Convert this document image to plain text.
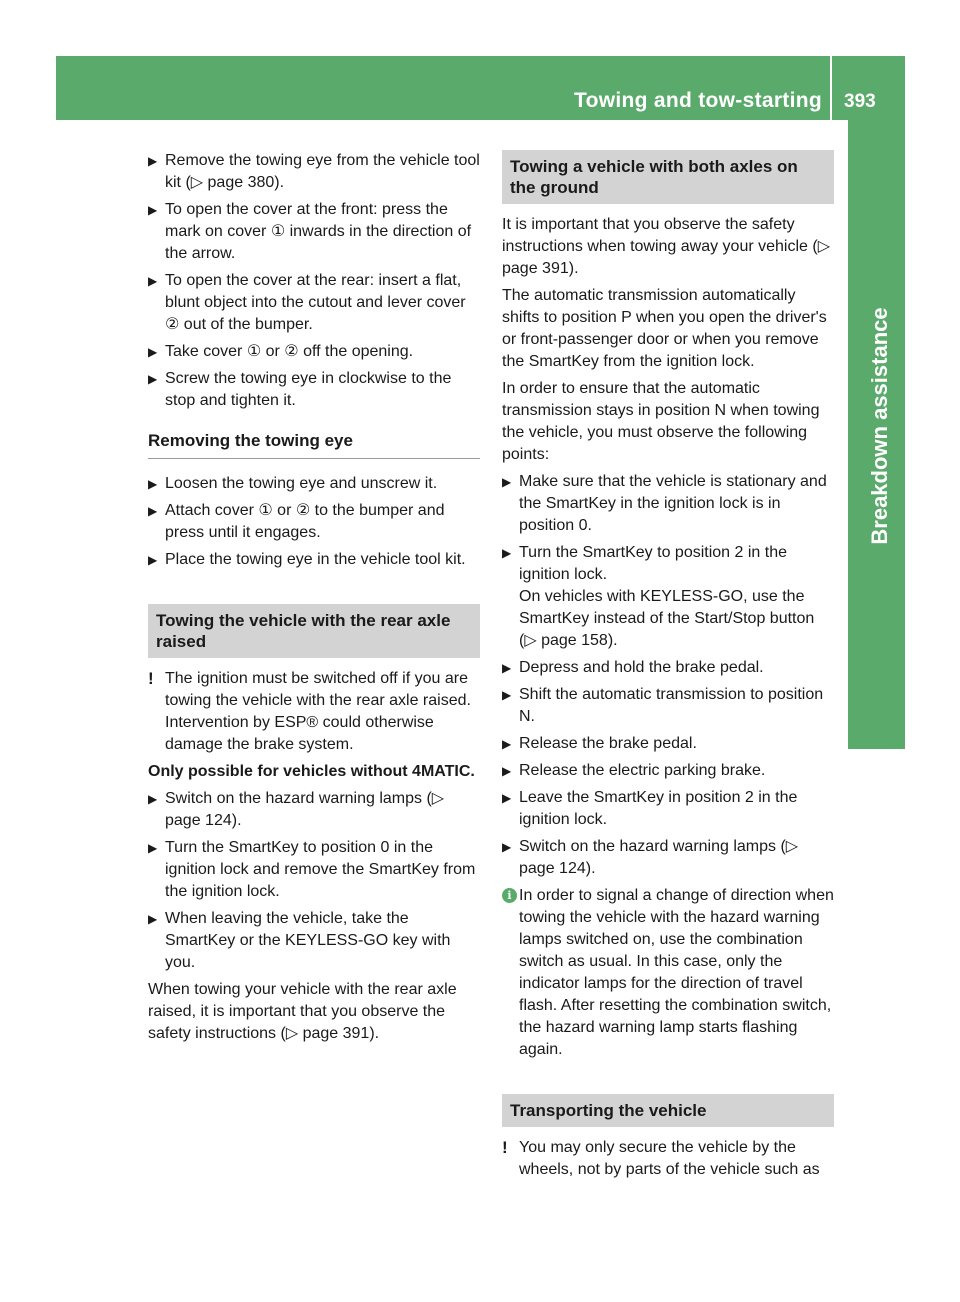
Towing and tow-starting 393
Breakdown assistance
▶ Remove the towing eye from the vehicle tool kit (▷ page 380).
▶ To open the cover at the front: press the mark on cover ① inwards in the direction of the arrow.
▶ To open the cover at the rear: insert a flat, blunt object into the cutout and lever cover ② out of the bumper.
▶ Take cover ① or ② off the opening.
▶ Screw the towing eye in clockwise to the stop and tighten it.
Removing the towing eye
▶ Loosen the towing eye and unscrew it.
▶ Attach cover ① or ② to the bumper and press until it engages.
▶ Place the towing eye in the vehicle tool kit.
Towing the vehicle with the rear axle raised
! The ignition must be switched off if you are towing the vehicle with the rear axle raised. Intervention by ESP® could otherwise damage the brake system.

Only possible for vehicles without 4MATIC.

▶ Switch on the hazard warning lamps (▷ page 124).
▶ Turn the SmartKey to position 0 in the ignition lock and remove the SmartKey from the ignition lock.
▶ When leaving the vehicle, take the SmartKey or the KEYLESS-GO key with you.

When towing your vehicle with the rear axle raised, it is important that you observe the safety instructions (▷ page 391).

Towing a vehicle with both axles on the ground

It is important that you observe the safety instructions when towing away your vehicle (▷ page 391).

The automatic transmission automatically shifts to position P when you open the driver's or front-passenger door or when you remove the SmartKey from the ignition lock.

In order to ensure that the automatic transmission stays in position N when towing the vehicle, you must observe the following points:

▶ Make sure that the vehicle is stationary and the SmartKey in the ignition lock is in position 0.
▶ Turn the SmartKey to position 2 in the ignition lock.
On vehicles with KEYLESS-GO, use the SmartKey instead of the Start/Stop button (▷ page 158).
▶ Depress and hold the brake pedal.
▶ Shift the automatic transmission to position N.
▶ Release the brake pedal.
▶ Release the electric parking brake.
▶ Leave the SmartKey in position 2 in the ignition lock.
▶ Switch on the hazard warning lamps (▷ page 124).
i In order to signal a change of direction when towing the vehicle with the hazard warning lamps switched on, use the combination switch as usual. In this case, only the indicator lamps for the direction of travel flash. After resetting the combination switch, the hazard warning lamp starts flashing again.
Transporting the vehicle
! You may only secure the vehicle by the wheels, not by parts of the vehicle such as
